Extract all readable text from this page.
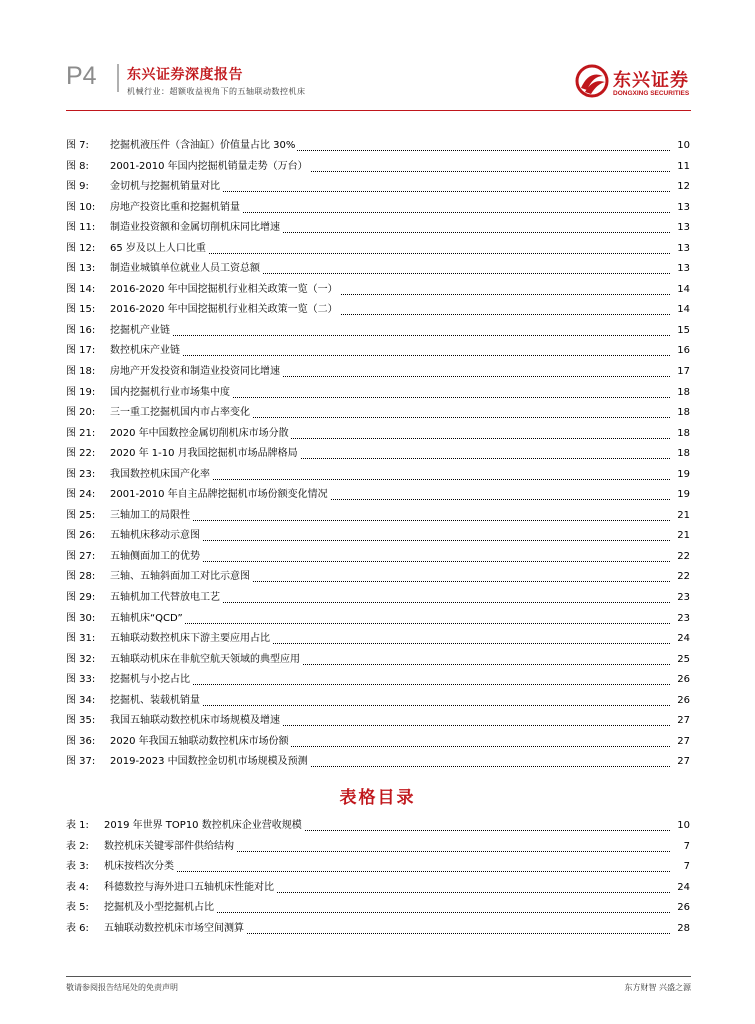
P4 东兴证券深度报告
机械行业：超额收益视角下的五轴联动数控机床
东兴证券
DONGXING SECURITIES
图 7: 挖掘机液压件（含油缸）价值量占比 30%	10
图 8: 2001-2010 年国内挖掘机销量走势（万台）	11
图 9: 金切机与挖掘机销量对比	12
图 10: 房地产投资比重和挖掘机销量	13
图 11: 制造业投资额和金属切削机床同比增速	13
图 12: 65 岁及以上人口比重	13
图 13: 制造业城镇单位就业人员工资总额	13
图 14: 2016-2020 年中国挖掘机行业相关政策一览（一）	14
图 15: 2016-2020 年中国挖掘机行业相关政策一览（二）	14
图 16: 挖掘机产业链	15
图 17: 数控机床产业链	16
图 18: 房地产开发投资和制造业投资同比增速	17
图 19: 国内挖掘机行业市场集中度	18
图 20: 三一重工挖掘机国内市占率变化	18
图 21: 2020 年中国数控金属切削机床市场分散	18
图 22: 2020 年 1-10 月我国挖掘机市场品牌格局	18
图 23: 我国数控机床国产化率	19
图 24: 2001-2010 年自主品牌挖掘机市场份额变化情况	19
图 25: 三轴加工的局限性	21
图 26: 五轴机床移动示意图	21
图 27: 五轴侧面加工的优势	22
图 28: 三轴、五轴斜面加工对比示意图	22
图 29: 五轴机加工代替放电工艺	23
图 30: 五轴机床“QCD”	23
图 31: 五轴联动数控机床下游主要应用占比	24
图 32: 五轴联动机床在非航空航天领域的典型应用	25
图 33: 挖掘机与小挖占比	26
图 34: 挖掘机、装载机销量	26
图 35: 我国五轴联动数控机床市场规模及增速	27
图 36: 2020 年我国五轴联动数控机床市场份额	27
图 37: 2019-2023 中国数控金切机市场规模及预测	27
表格目录
表 1: 2019 年世界 TOP10 数控机床企业营收规模	10
表 2: 数控机床关键零部件供给结构	7
表 3: 机床按档次分类	7
表 4: 科德数控与海外进口五轴机床性能对比	24
表 5: 挖掘机及小型挖掘机占比	26
表 6: 五轴联动数控机床市场空间测算	28
敬请参阅报告结尾处的免责声明	东方财智 兴盛之源
